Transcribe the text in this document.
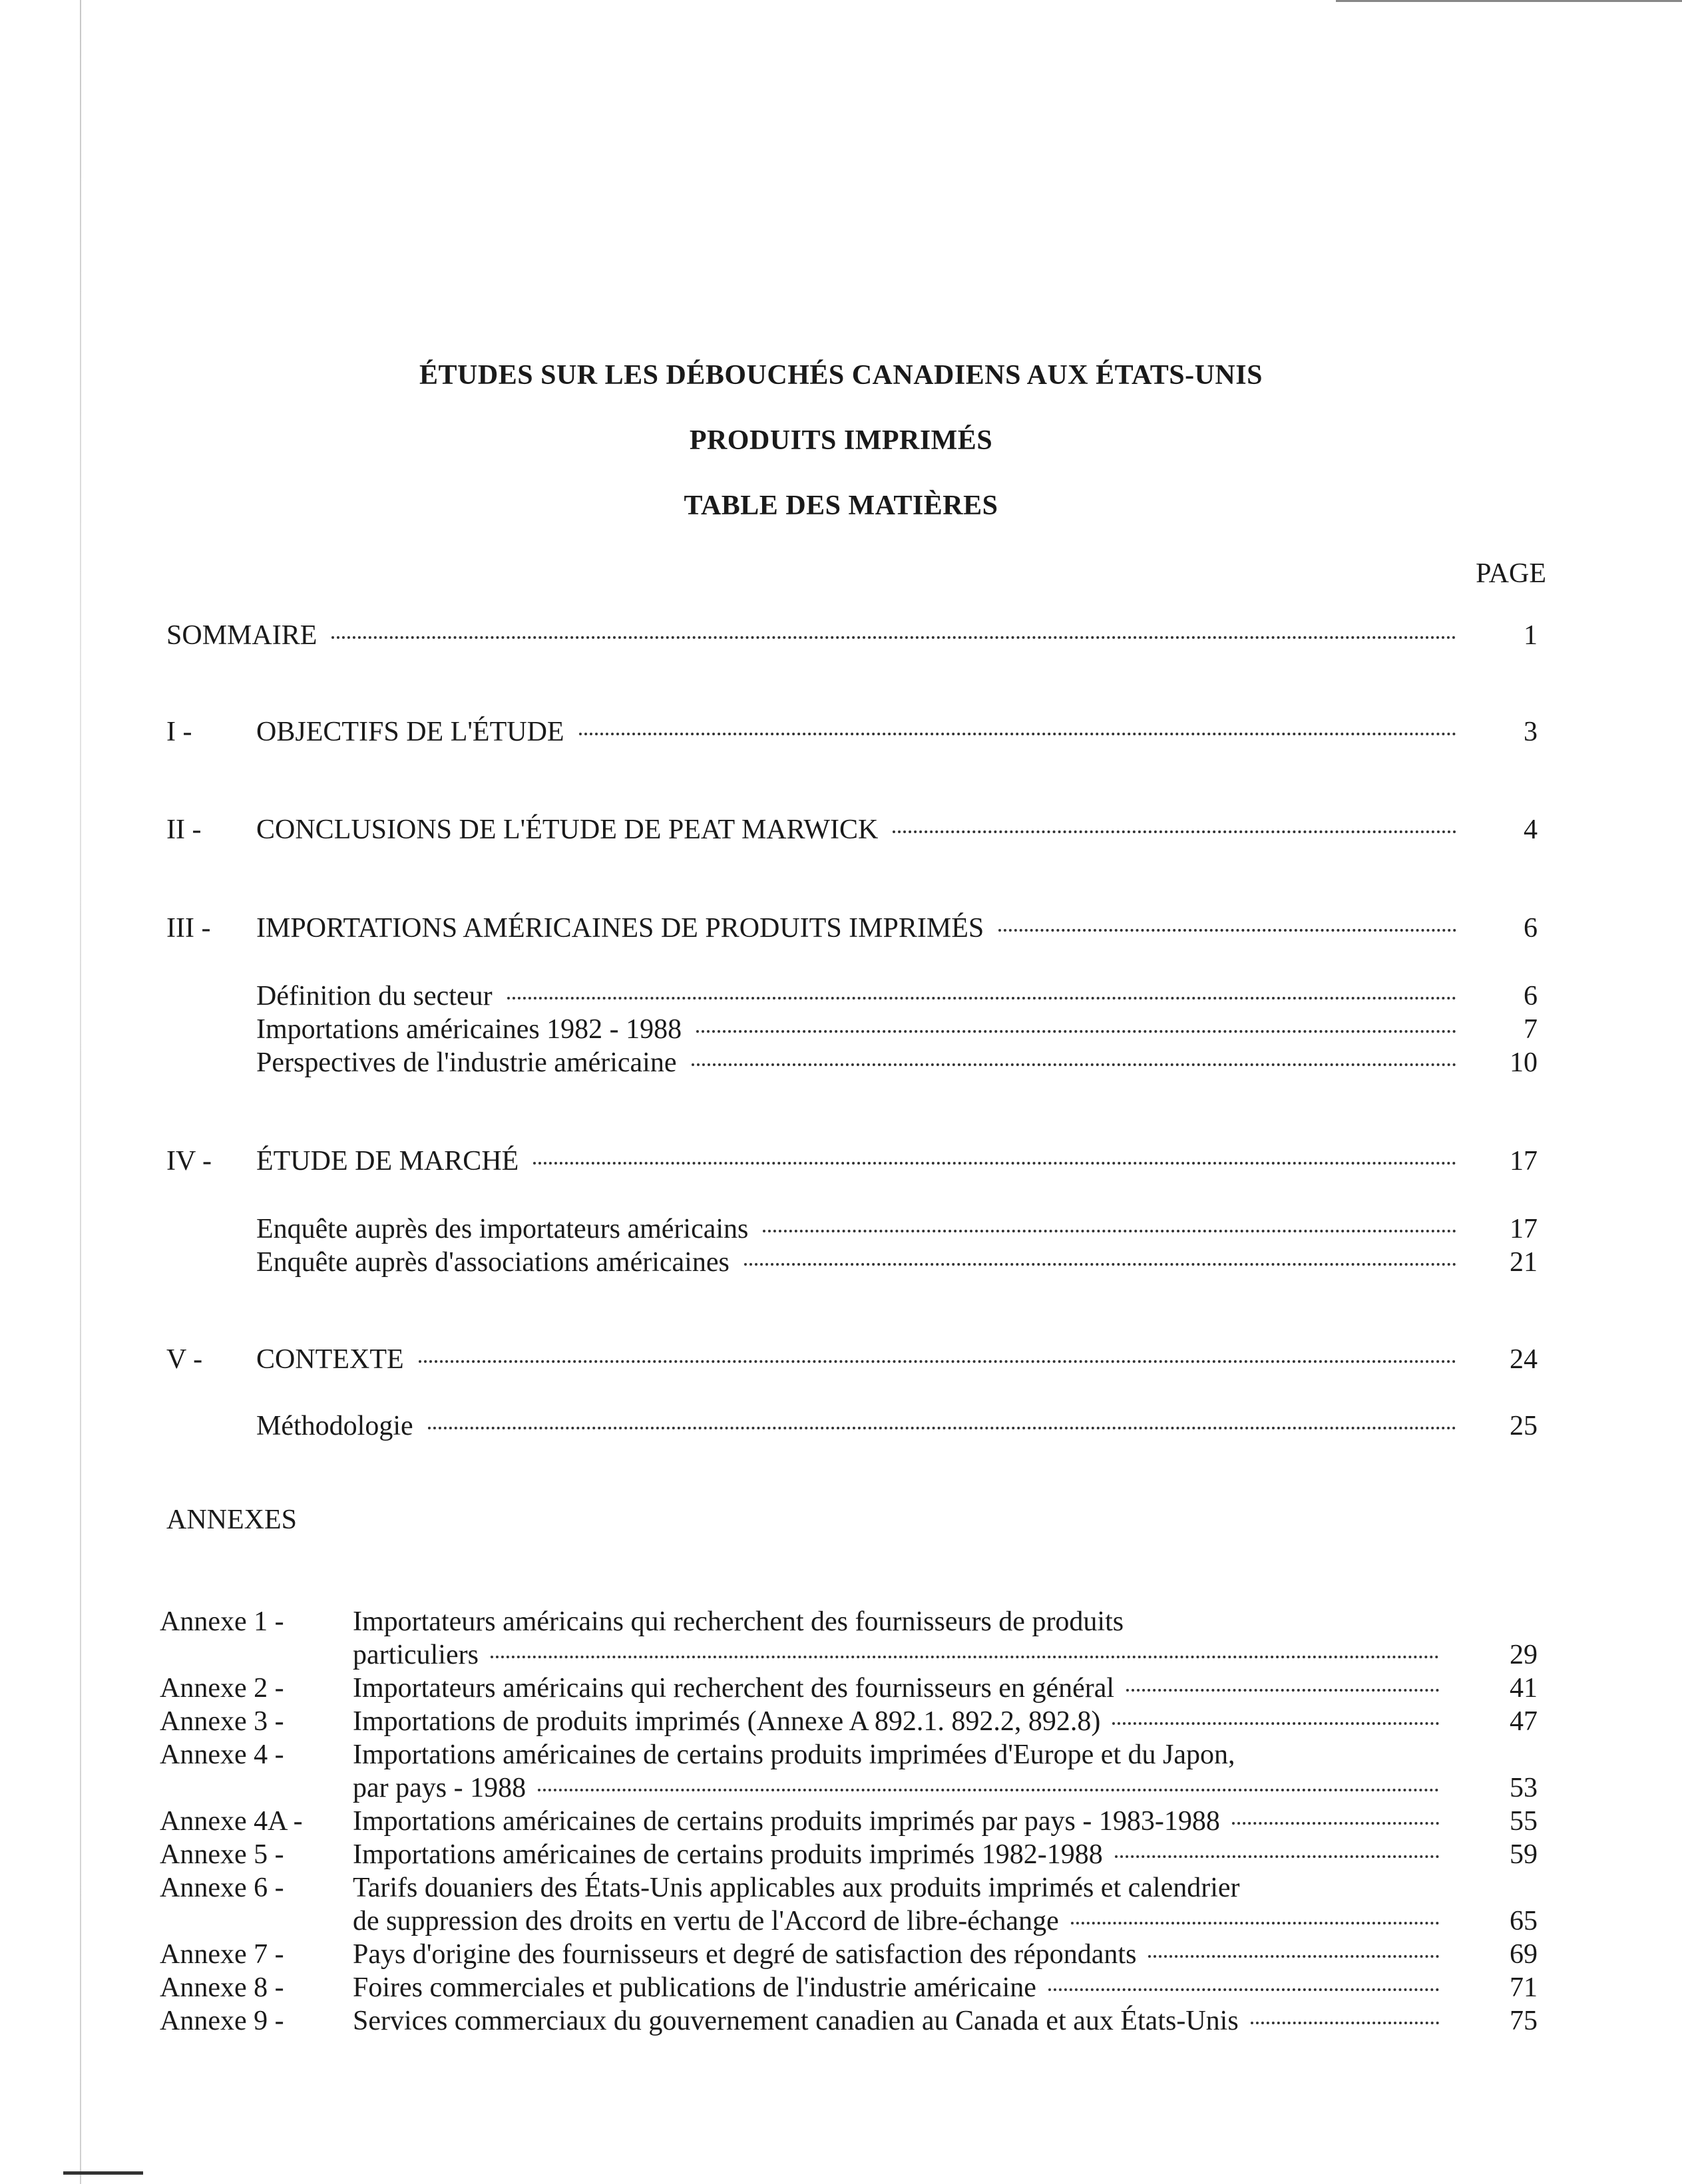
ÉTUDES SUR LES DÉBOUCHÉS CANADIENS AUX ÉTATS-UNIS
PRODUITS IMPRIMÉS
TABLE DES MATIÈRES
PAGE
SOMMAIRE	1
I -	OBJECTIFS DE L'ÉTUDE	3
II -	CONCLUSIONS DE L'ÉTUDE DE PEAT MARWICK	4
III -	IMPORTATIONS AMÉRICAINES DE PRODUITS IMPRIMÉS	6
Définition du secteur	6
Importations américaines 1982 - 1988	7
Perspectives de l'industrie américaine	10
IV -	ÉTUDE DE MARCHÉ	17
Enquête auprès des importateurs américains	17
Enquête auprès d'associations américaines	21
V -	CONTEXTE	24
Méthodologie	25
ANNEXES
Annexe 1 - Importateurs américains qui recherchent des fournisseurs de produits
particuliers	29
Annexe 2 - Importateurs américains qui recherchent des fournisseurs en général	41
Annexe 3 - Importations de produits imprimés (Annexe A 892.1. 892.2, 892.8)	47
Annexe 4 - Importations américaines de certains produits imprimées d'Europe et du Japon,
par pays - 1988	53
Annexe 4A - Importations américaines de certains produits imprimés par pays - 1983-1988	55
Annexe 5 - Importations américaines de certains produits imprimés 1982-1988	59
Annexe 6 - Tarifs douaniers des États-Unis applicables aux produits imprimés et calendrier
de suppression des droits en vertu de l'Accord de libre-échange	65
Annexe 7 - Pays d'origine des fournisseurs et degré de satisfaction des répondants	69
Annexe 8 - Foires commerciales et publications de l'industrie américaine	71
Annexe 9 - Services commerciaux du gouvernement canadien au Canada et aux États-Unis	75
